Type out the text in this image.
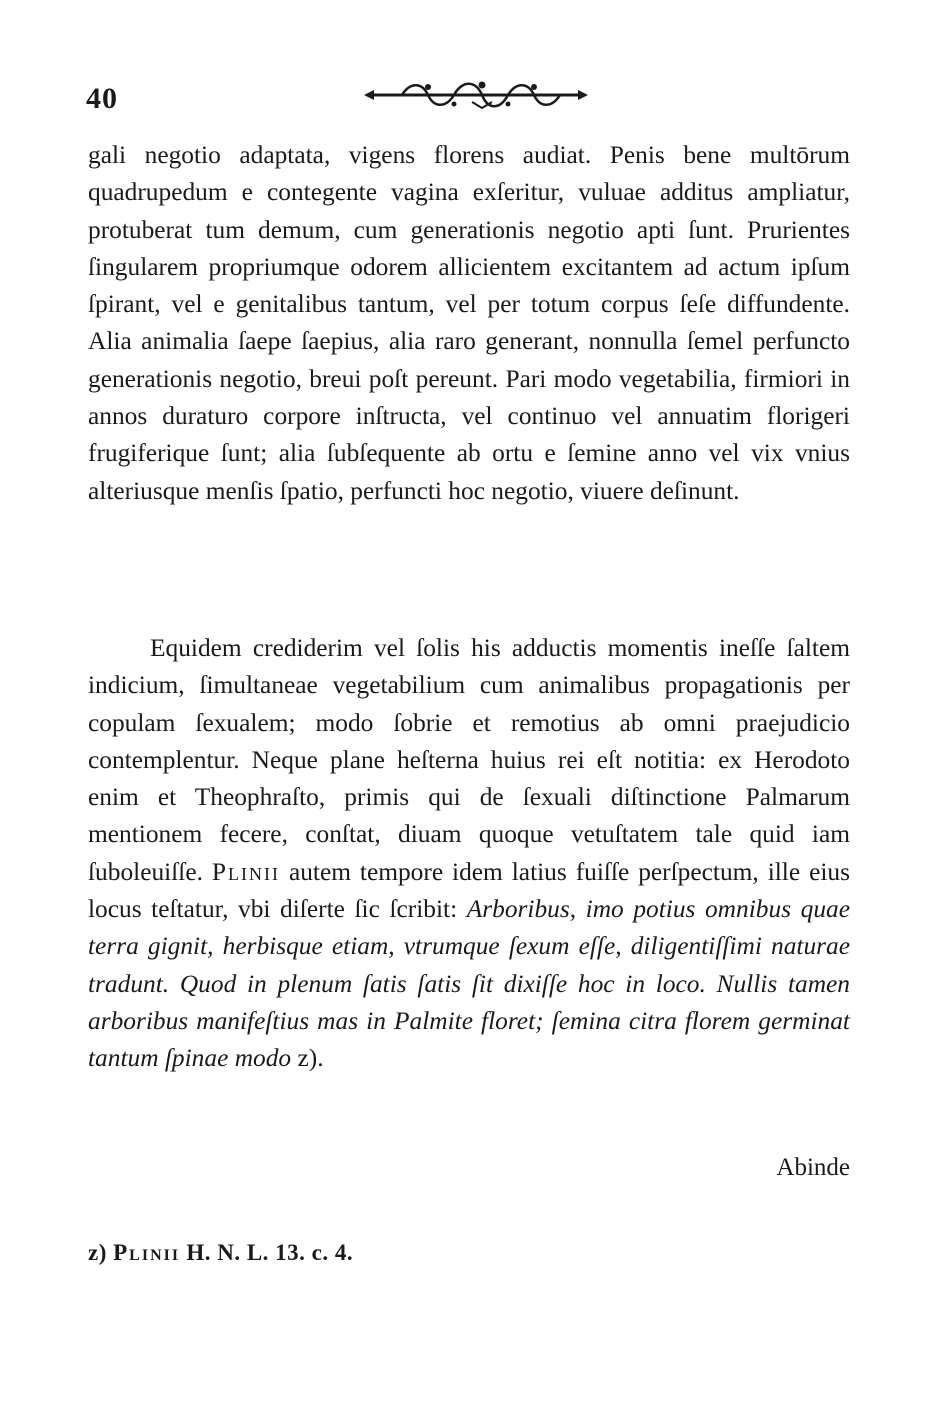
40

gali negotio adaptata, vigens florens audiat. Penis bene multōrum quadrupedum e contegente vagina exſeritur, vuluae additus ampliatur, protuberat tum demum, cum generationis negotio apti ſunt. Prurientes ſingularem propriumque odorem allicientem excitantem ad actum ipſum ſpirant, vel e genitalibus tantum, vel per totum corpus ſeſe diffundente. Alia animalia ſaepe ſaepius, alia raro generant, nonnulla ſemel perfuncto generationis negotio, breui poſt pereunt. Pari modo vegetabilia, firmiori in annos duraturo corpore inſtructa, vel continuo vel annuatim florigeri frugiferique ſunt; alia ſubſequente ab ortu e ſemine anno vel vix vnius alteriusque menſis ſpatio, perfuncti hoc negotio, viuere deſinunt.

Equidem crediderim vel ſolis his adductis momentis ineſſe ſaltem indicium, ſimultaneae vegetabilium cum animalibus propagationis per copulam ſexualem; modo ſobrie et remotius ab omni praejudicio contemplentur. Neque plane heſterna huius rei eſt notitia: ex Herodoto enim et Theophraſto, primis qui de ſexuali diſtinctione Palmarum mentionem fecere, conſtat, diuam quoque vetuſtatem tale quid iam ſuboleuiſſe. Plinii autem tempore idem latius fuiſſe perſpectum, ille eius locus teſtatur, vbi diſerte ſic ſcribit: Arboribus, imo potius omnibus quae terra gignit, herbisque etiam, vtrumque ſexum eſſe, diligentiſſimi naturae tradunt. Quod in plenum ſatis ſatis ſit dixiſſe hoc in loco. Nullis tamen arboribus manifeſtius mas in Palmite floret; ſemina citra florem germinat tantum ſpinae modo z).

Abinde
z) Plinii H. N. L. 13. c. 4.
